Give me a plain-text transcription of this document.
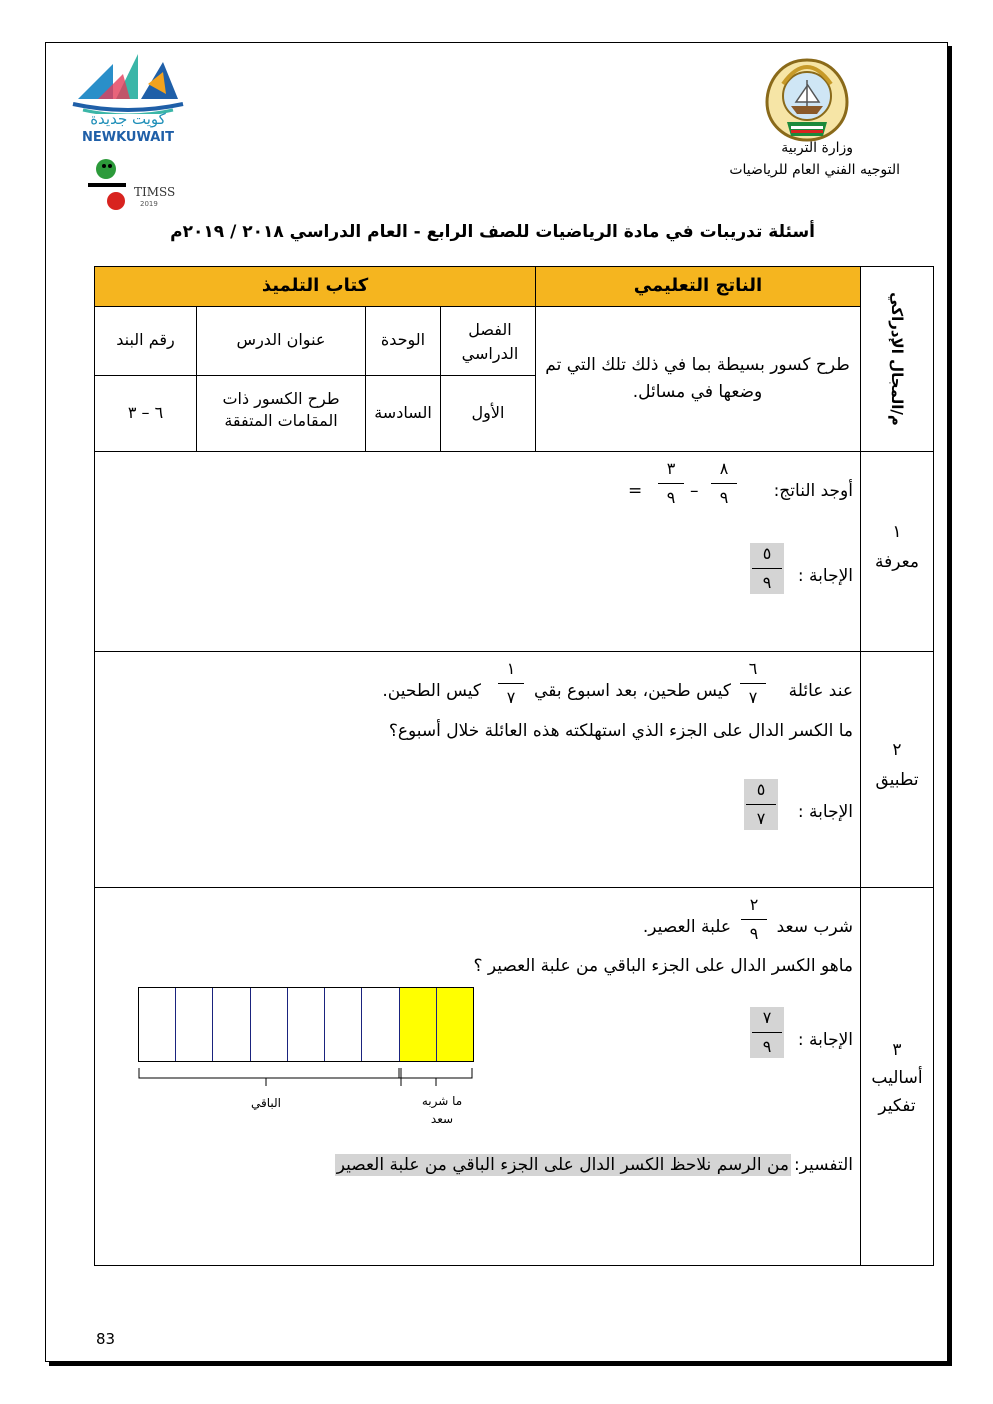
كويت جديدة
NEWKUWAIT
TIMSS
2019
وزارة التربية
التوجيه الفني العام للرياضيات
أسئلة تدريبات في مادة الرياضيات للصف الرابع - العام الدراسي ٢٠١٨ / ٢٠١٩م
الناتج التعليمي
كتاب التلميذ
م/المجال الإدراكي
الفصل الدراسي
الوحدة
عنوان الدرس
رقم البند
طرح كسور بسيطة بما في ذلك تلك التي تم وضعها في مسائل.
الأول
السادسة
طرح الكسور ذات المقامات المتفقة
٦ – ٣
١
معرفة
أوجد الناتج:
٨
٩
–
٣
٩
=
الإجابة :
٥
٩
٢
تطبيق
عند عائلة
٦
٧
كيس طحين، بعد اسبوع بقي
١
٧
كيس الطحين.
ما الكسر الدال على الجزء الذي استهلكته هذه العائلة خلال أسبوع؟
الإجابة :
٥
٧
٣
أساليب
تفكير
شرب سعد
٢
٩
علبة العصير.
ماهو الكسر الدال على الجزء الباقي من علبة العصير ؟
الإجابة :
٧
٩
الباقي	ما شربه سعد
التفسير:
من الرسم نلاحظ الكسر الدال على الجزء الباقي من علبة العصير
83
